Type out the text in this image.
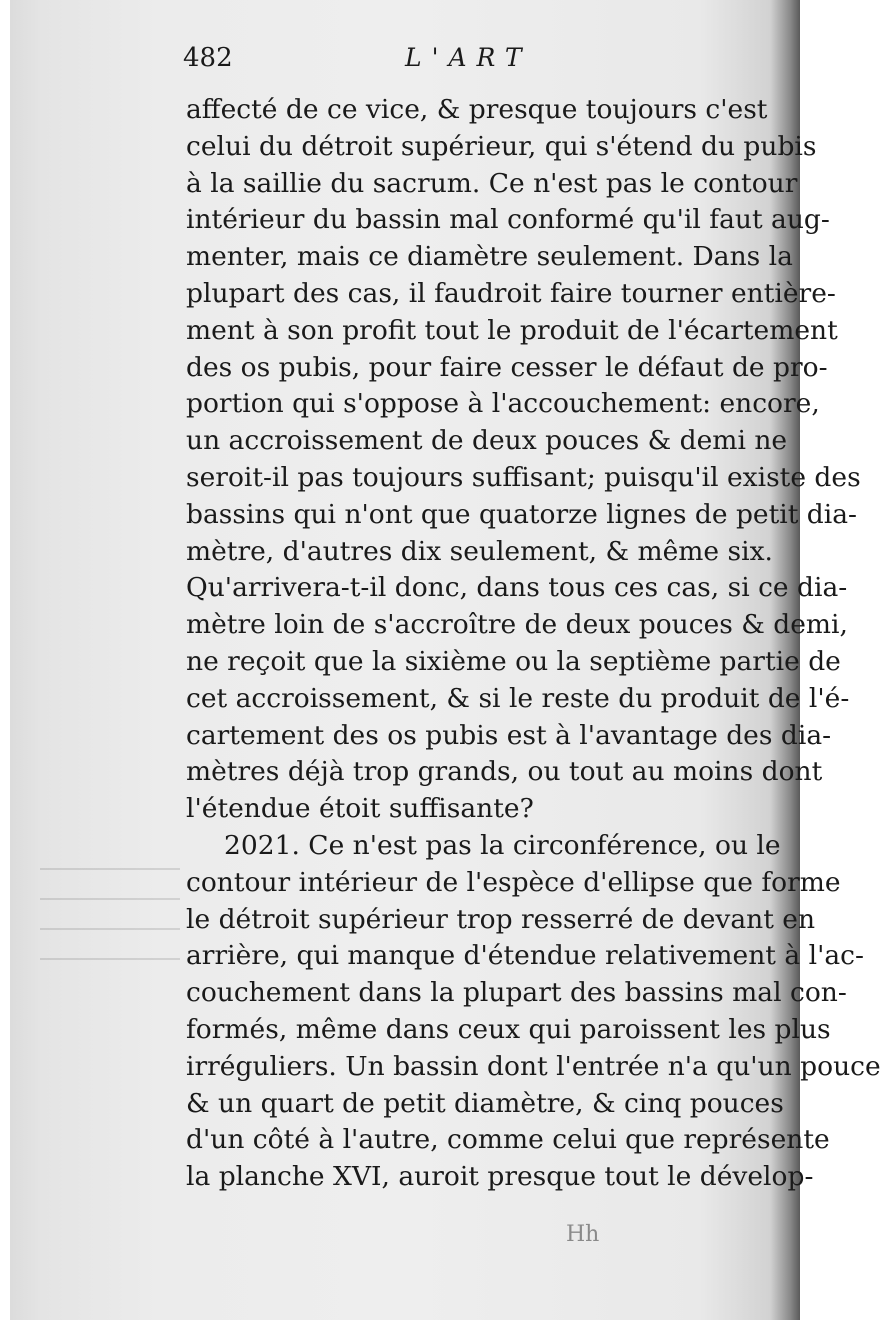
482	L'ART
affecté de ce vice, & presque toujours c'est
celui du détroit supérieur, qui s'étend du pubis
à la saillie du sacrum. Ce n'est pas le contour
intérieur du bassin mal conformé qu'il faut aug-
menter, mais ce diamètre seulement. Dans la
plupart des cas, il faudroit faire tourner entière-
ment à son profit tout le produit de l'écartement
des os pubis, pour faire cesser le défaut de pro-
portion qui s'oppose à l'accouchement: encore,
un accroissement de deux pouces & demi ne
seroit-il pas toujours suffisant; puisqu'il existe des
bassins qui n'ont que quatorze lignes de petit dia-
mètre, d'autres dix seulement, & même six.
Qu'arrivera-t-il donc, dans tous ces cas, si ce dia-
mètre loin de s'accroître de deux pouces & demi,
ne reçoit que la sixième ou la septième partie de
cet accroissement, & si le reste du produit de l'é-
cartement des os pubis est à l'avantage des dia-
mètres déjà trop grands, ou tout au moins dont
l'étendue étoit suffisante?
2021. Ce n'est pas la circonférence, ou le
contour intérieur de l'espèce d'ellipse que forme
le détroit supérieur trop resserré de devant en
arrière, qui manque d'étendue relativement à l'ac-
couchement dans la plupart des bassins mal con-
formés, même dans ceux qui paroissent les plus
irréguliers. Un bassin dont l'entrée n'a qu'un pouce
& un quart de petit diamètre, & cinq pouces
d'un côté à l'autre, comme celui que représente
la planche XVI, auroit presque tout le dévelop-
Hh
